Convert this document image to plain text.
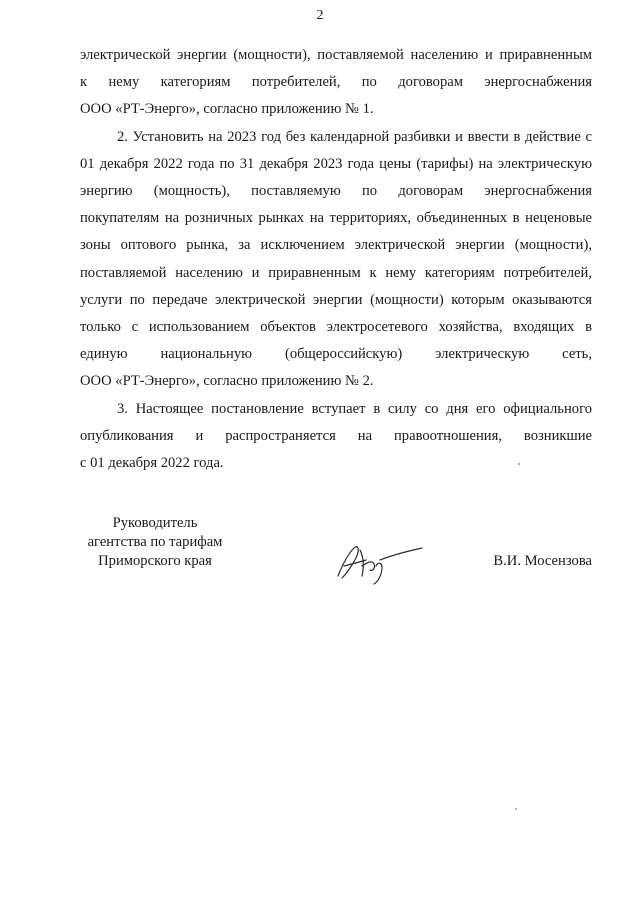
2
электрической энергии (мощности), поставляемой населению и приравненным
к нему категориям потребителей, по договорам энергоснабжения
ООО «РТ-Энерго», согласно приложению № 1.
2. Установить на 2023 год без календарной разбивки и ввести в действие с
01 декабря 2022 года по 31 декабря 2023 года цены (тарифы) на электрическую
энергию (мощность), поставляемую по договорам энергоснабжения
покупателям на розничных рынках на территориях, объединенных в неценовые
зоны оптового рынка, за исключением электрической энергии (мощности),
поставляемой населению и приравненным к нему категориям потребителей,
услуги по передаче электрической энергии (мощности) которым оказываются
только с использованием объектов электросетевого хозяйства, входящих в
единую национальную (общероссийскую) электрическую сеть,
ООО «РТ-Энерго», согласно приложению № 2.
3. Настоящее постановление вступает в силу со дня его официального
опубликования и распространяется на правоотношения, возникшие
с 01 декабря 2022 года.
Руководитель
агентства по тарифам
Приморского края	В.И. Мосензова
